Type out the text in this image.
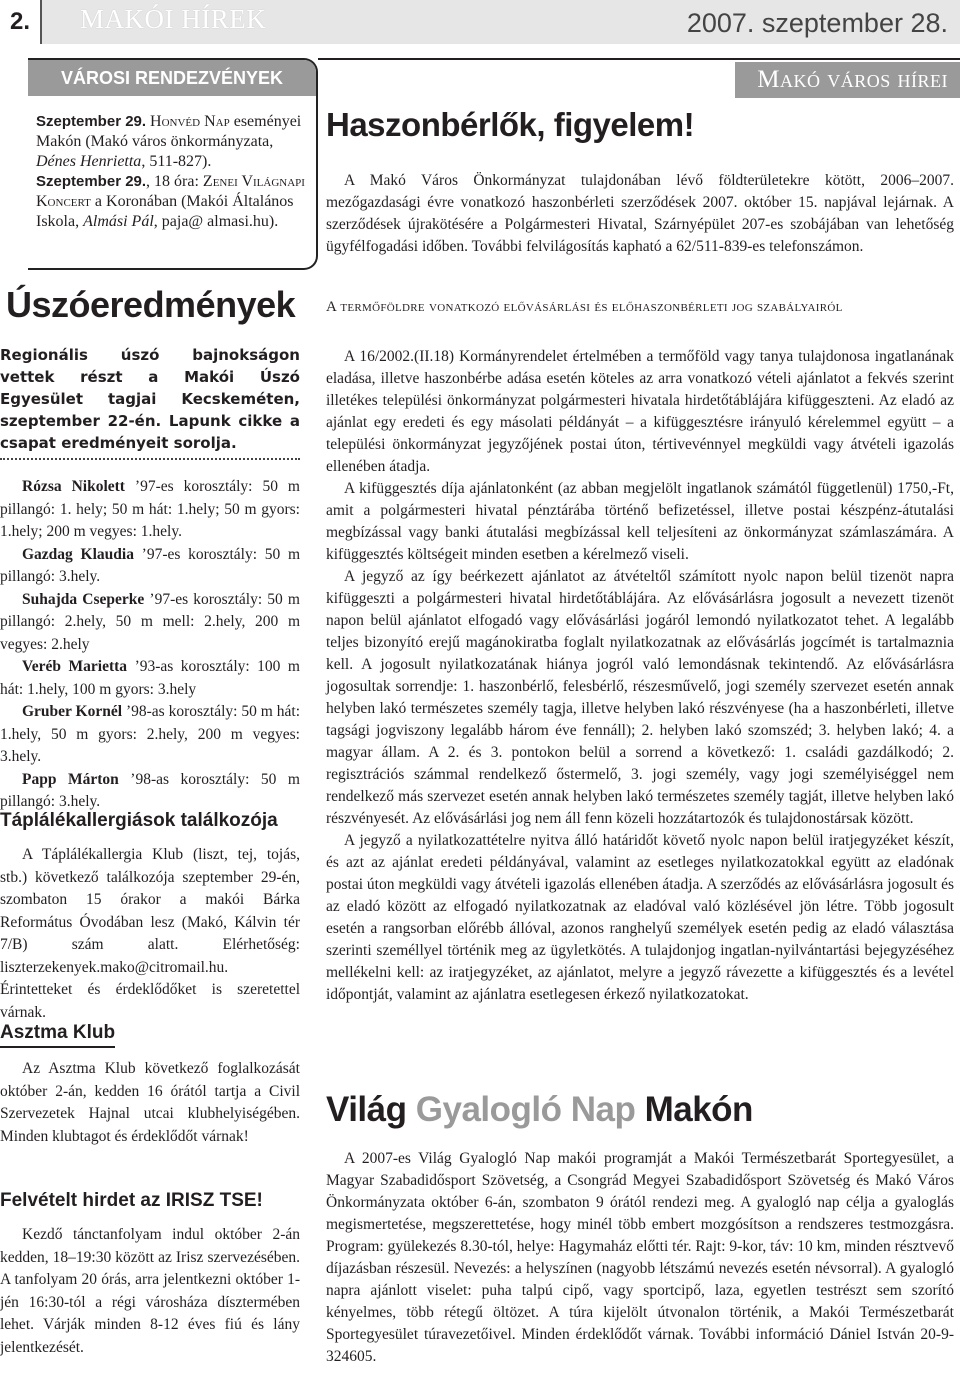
2.	MAKÓI HÍREK	2007. szeptember 28.
VÁROSI RENDEZVÉNYEK
Szeptember 29. Honvéd Nap eseményei Makón (Makó város önkormányzata, Dénes Henrietta, 511-827).
Szeptember 29., 18 óra: Zenei Világnapi Koncert a Koronában (Makói Általános Iskola, Almási Pál, paja@ almasi.hu).
Úszóeredmények
Regionális úszó bajnokságon vettek részt a Makói Úszó Egyesület tagjai Kecskeméten, szeptember 22-én. Lapunk cikke a csapat eredményeit sorolja.

Rózsa Nikolett ’97-es korosztály: 50 m pillangó: 1. hely; 50 m hát: 1.hely; 50 m gyors: 1.hely; 200 m vegyes: 1.hely.

Gazdag Klaudia ’97-es korosztály: 50 m pillangó: 3.hely.

Suhajda Cseperke ’97-es korosztály: 50 m pillangó: 2.hely, 50 m mell: 2.hely, 200 m vegyes: 2.hely

Veréb Marietta ’93-as korosztály: 100 m hát: 1.hely, 100 m gyors: 3.hely

Gruber Kornél ’98-as korosztály: 50 m hát: 1.hely, 50 m gyors: 2.hely, 200 m vegyes: 3.hely.

Papp Márton ’98-as korosztály: 50 m pillangó: 3.hely.

Táplálékallergiások találkozója

A Táplálékallergia Klub (liszt, tej, tojás, stb.) következő találkozója szeptember 29-én, szombaton 15 órakor a makói Bárka Református Óvodában lesz (Makó, Kálvin tér 7/B) szám alatt. Elérhetőség: liszterzekenyek.mako@citromail.hu. Érintetteket és érdeklődőket is szeretettel várnak.

Asztma Klub

Az Asztma Klub következő foglalkozását október 2-án, kedden 16 órától tartja a Civil Szervezetek Hajnal utcai klubhelyiségében. Minden klubtagot és érdeklődőt várnak!

Felvételt hirdet az IRISZ TSE!

Kezdő tánctanfolyam indul október 2-án kedden, 18–19:30 között az Irisz szervezésében. A tanfolyam 20 órás, arra jelentkezni október 1-jén 16:30-tól a régi városháza dísztermében lehet. Várják minden 8-12 éves fiú és lány jelentkezését.

Makó város hírei
Haszonbérlők, figyelem!

A Makó Város Önkormányzat tulajdonában lévő földterületekre kötött, 2006–2007. mezőgazdasági évre vonatkozó haszonbérleti szerződések 2007. október 15. napjával lejárnak. A szerződések újrakötésére a Polgármesteri Hivatal, Szárnyépület 207-es szobájában van lehetőség ügyfélfogadási időben. További felvilágosítás kapható a 62/511-839-es telefonszámon.

A termőföldre vonatkozó elővásárlási és előhaszonbérleti jog szabályairól

A 16/2002.(II.18) Kormányrendelet értelmében a termőföld vagy tanya tulajdonosa ingatlanának eladása, illetve haszonbérbe adása esetén köteles az arra vonatkozó vételi ajánlatot a fekvés szerint illetékes települési önkormányzat polgármesteri hivatala hirdetőtáblájára kifüggeszteni. Az eladó az ajánlat egy eredeti és egy másolati példányát – a kifüggesztésre irányuló kérelemmel együtt – a települési önkormányzat jegyzőjének postai úton, tértivevénnyel megküldi vagy átvételi igazolás ellenében átadja.

A kifüggesztés díja ajánlatonként (az abban megjelölt ingatlanok számától függetlenül) 1750,-Ft, amit a polgármesteri hivatal pénztárába történő befizetéssel, illetve postai készpénz-átutalási megbízással vagy banki átutalási megbízással kell teljesíteni az önkormányzat számlaszámára. A kifüggesztés költségeit minden esetben a kérelmező viseli.

A jegyző az így beérkezett ajánlatot az átvételtől számított nyolc napon belül tizenöt napra kifüggeszti a polgármesteri hivatal hirdetőtáblájára. Az elővásárlásra jogosult a nevezett tizenöt napon belül ajánlatot elfogadó vagy elővásárlási jogáról lemondó nyilatkozatot tehet. A legalább teljes bizonyító erejű magánokiratba foglalt nyilatkozatnak az elővásárlás jogcímét is tartalmaznia kell. A jogosult nyilatkozatának hiánya jogról való lemondásnak tekintendő. Az elővásárlásra jogosultak sorrendje: 1. haszonbérlő, felesbérlő, részesművelő, jogi személy szervezet esetén annak helyben lakó természetes személy tagja, illetve helyben lakó részvényese (ha a haszonbérleti, illetve tagsági jogviszony legalább három éve fennáll); 2. helyben lakó szomszéd; 3. helyben lakó; 4. a magyar állam. A 2. és 3. pontokon belül a sorrend a következő: 1. családi gazdálkodó; 2. regisztrációs számmal rendelkező őstermelő, 3. jogi személy, vagy jogi személyiséggel nem rendelkező más szervezet esetén annak helyben lakó természetes személy tagját, illetve helyben lakó részvényesét. Az elővásárlási jog nem áll fenn közeli hozzátartozók és tulajdonostársak között.

A jegyző a nyilatkozattételre nyitva álló határidőt követő nyolc napon belül iratjegyzéket készít, és azt az ajánlat eredeti példányával, valamint az esetleges nyilatkozatokkal együtt az eladónak postai úton megküldi vagy átvételi igazolás ellenében átadja. A szerződés az elővásárlásra jogosult és az eladó között az elfogadó nyilatkozatnak az eladóval való közlésével jön létre. Több jogosult esetén a rangsorban előrébb állóval, azonos ranghelyű személyek esetén pedig az eladó választása szerinti személlyel történik meg az ügyletkötés. A tulajdonjog ingatlan-nyilvántartási bejegyzéséhez mellékelni kell: az iratjegyzéket, az ajánlatot, melyre a jegyző rávezette a kifüggesztés és a levétel időpontját, valamint az ajánlatra esetlegesen érkező nyilatkozatokat.

Világ Gyalogló Nap Makón

A 2007-es Világ Gyalogló Nap makói programját a Makói Természetbarát Sportegyesület, a Magyar Szabadidősport Szövetség, a Csongrád Megyei Szabadidősport Szövetség és Makó Város Önkormányzata október 6-án, szombaton 9 órától rendezi meg. A gyalogló nap célja a gyaloglás megismertetése, megszerettetése, hogy minél több embert mozgósítson a rendszeres testmozgásra. Program: gyülekezés 8.30-tól, helye: Hagymaház előtti tér. Rajt: 9-kor, táv: 10 km, minden résztvevő díjazásban részesül. Nevezés: a helyszínen (nagyobb létszámú nevezés esetén névsorral). A gyalogló napra ajánlott viselet: puha talpú cipő, vagy sportcipő, laza, egyetlen testrészt sem szorító kényelmes, több rétegű öltözet. A túra kijelölt útvonalon történik, a Makói Természetbarát Sportegyesület túravezetőivel. Minden érdeklődőt várnak. További információ Dániel István 20-9-324605.
